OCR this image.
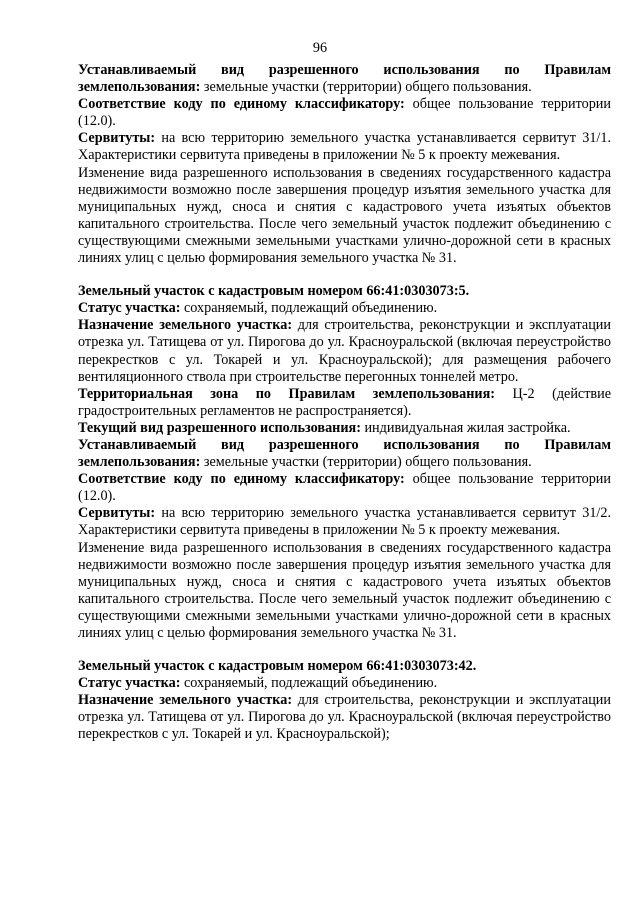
96

Устанавливаемый вид разрешенного использования по Правилам землепользования: земельные участки (территории) общего пользования.

Соответствие коду по единому классификатору: общее пользование территории (12.0).

Сервитуты: на всю территорию земельного участка устанавливается сервитут 31/1. Характеристики сервитута приведены в приложении № 5 к проекту межевания.

Изменение вида разрешенного использования в сведениях государственного кадастра недвижимости возможно после завершения процедур изъятия земельного участка для муниципальных нужд, сноса и снятия с кадастрового учета изъятых объектов капитального строительства. После чего земельный участок подлежит объединению с существующими смежными земельными участками улично-дорожной сети в красных линиях улиц с целью формирования земельного участка № 31.

Земельный участок с кадастровым номером 66:41:0303073:5.

Статус участка: сохраняемый, подлежащий объединению.

Назначение земельного участка: для строительства, реконструкции и эксплуатации отрезка ул. Татищева от ул. Пирогова до ул. Красноуральской (включая переустройство перекрестков с ул. Токарей и ул. Красноуральской); для размещения рабочего вентиляционного ствола при строительстве перегонных тоннелей метро.

Территориальная зона по Правилам землепользования: Ц-2 (действие градостроительных регламентов не распространяется).

Текущий вид разрешенного использования: индивидуальная жилая застройка.

Устанавливаемый вид разрешенного использования по Правилам землепользования: земельные участки (территории) общего пользования.

Соответствие коду по единому классификатору: общее пользование территории (12.0).

Сервитуты: на всю территорию земельного участка устанавливается сервитут 31/2. Характеристики сервитута приведены в приложении № 5 к проекту межевания.

Изменение вида разрешенного использования в сведениях государственного кадастра недвижимости возможно после завершения процедур изъятия земельного участка для муниципальных нужд, сноса и снятия с кадастрового учета изъятых объектов капитального строительства. После чего земельный участок подлежит объединению с существующими смежными земельными участками улично-дорожной сети в красных линиях улиц с целью формирования земельного участка № 31.

Земельный участок с кадастровым номером 66:41:0303073:42.

Статус участка: сохраняемый, подлежащий объединению.

Назначение земельного участка: для строительства, реконструкции и эксплуатации отрезка ул. Татищева от ул. Пирогова до ул. Красноуральской (включая переустройство перекрестков с ул. Токарей и ул. Красноуральской);
